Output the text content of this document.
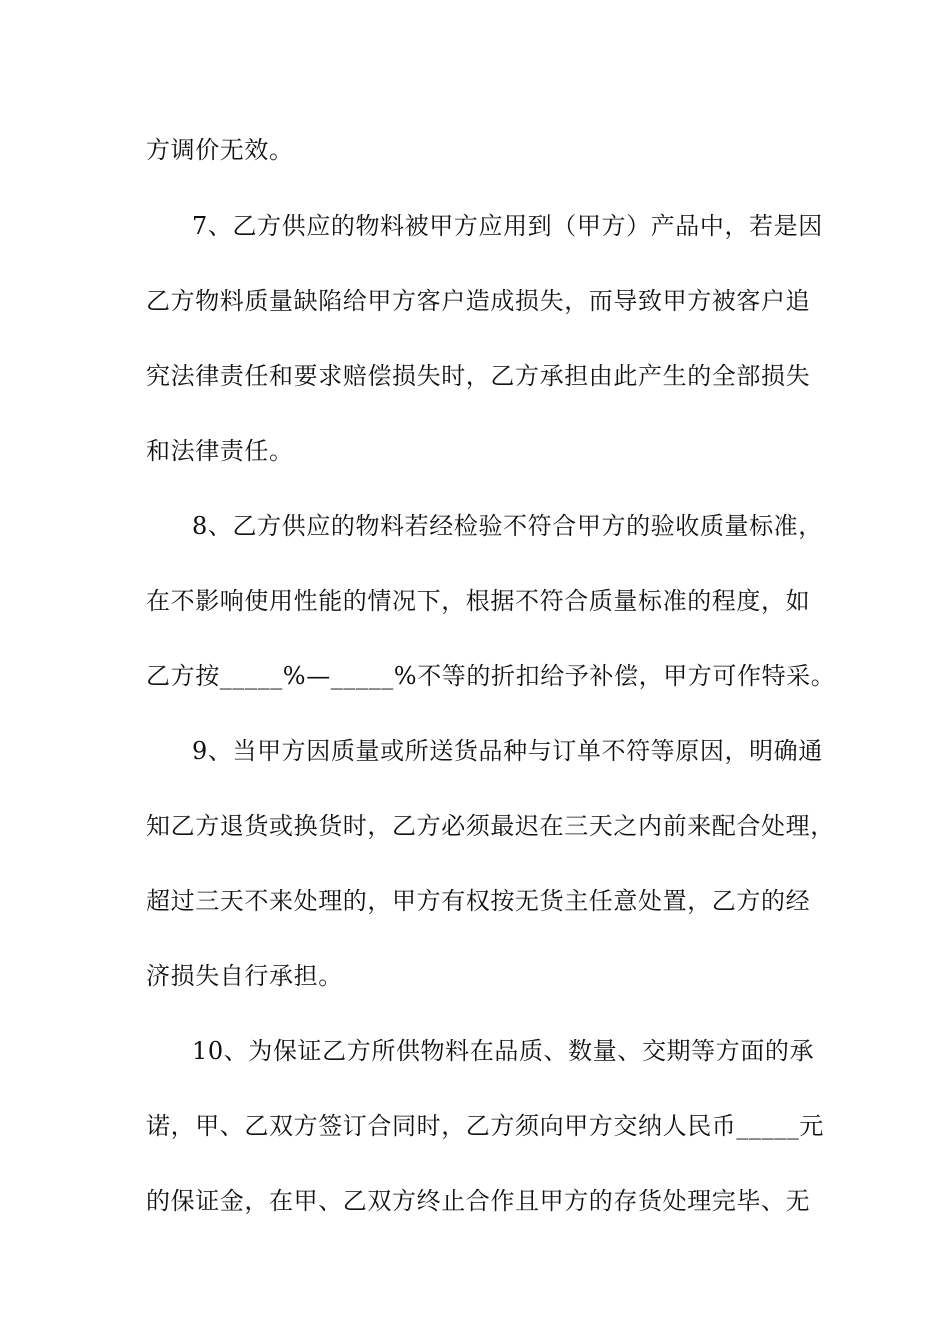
方调价无效。
7、乙方供应的物料被甲方应用到（甲方）产品中，若是因
乙方物料质量缺陷给甲方客户造成损失，而导致甲方被客户追
究法律责任和要求赔偿损失时，乙方承担由此产生的全部损失
和法律责任。
8、乙方供应的物料若经检验不符合甲方的验收质量标准，
在不影响使用性能的情况下，根据不符合质量标准的程度，如
乙方按_____%—_____%不等的折扣给予补偿，甲方可作特采。
9、当甲方因质量或所送货品种与订单不符等原因，明确通
知乙方退货或换货时，乙方必须最迟在三天之内前来配合处理，
超过三天不来处理的，甲方有权按无货主任意处置，乙方的经
济损失自行承担。
10、为保证乙方所供物料在品质、数量、交期等方面的承
诺，甲、乙双方签订合同时，乙方须向甲方交纳人民币_____元
的保证金，在甲、乙双方终止合作且甲方的存货处理完毕、无
